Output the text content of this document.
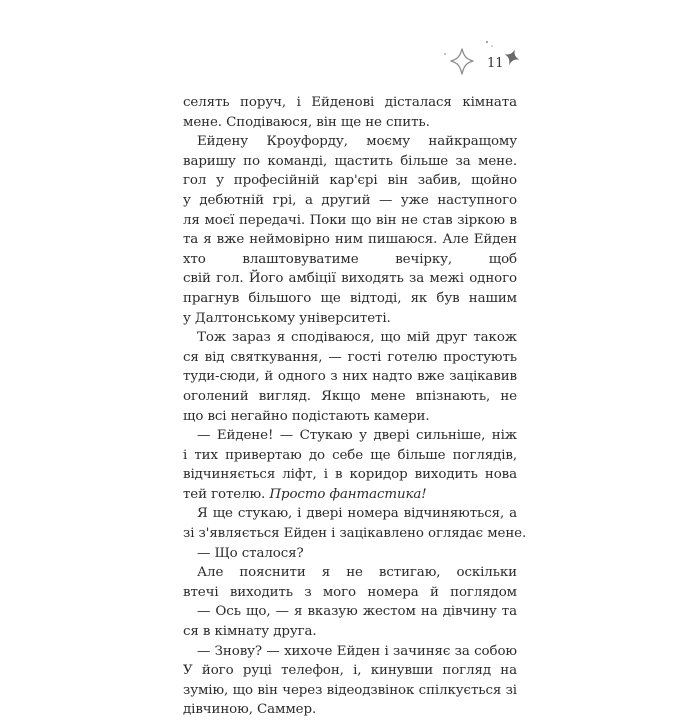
11
селять поруч, і Ейденові дісталася кімната
мене. Сподіваюся, він ще не спить.
Ейдену Кроуфорду, моєму найкращому
варишу по команді, щастить більше за мене.
гол у професійній кар'єрі він забив, щойно
у дебютній грі, а другий — уже наступного
ля моєї передачі. Поки що він не став зіркою в
та я вже неймовірно ним пишаюся. Але Ейден
хто влаштовуватиме вечірку, щоб
свій гол. Його амбіції виходять за межі одного
прагнув більшого ще відтоді, як був нашим
у Далтонському університеті.
Тож зараз я сподіваюся, що мій друг також
ся від святкування, — гості готелю простують
туди-сюди, й одного з них надто вже зацікавив
оголений вигляд. Якщо мене впізнають, не
що всі негайно подістають камери.
— Ейдене! — Стукаю у двері сильніше, ніж
і тих привертаю до себе ще більше поглядів,
відчиняється ліфт, і в коридор виходить нова
тей готелю. Просто фантастика!
Я ще стукаю, і двері номера відчиняються, а
зі з'являється Ейден і зацікавлено оглядає мене.
— Що сталося?
Але пояснити я не встигаю, оскільки
втечі виходить з мого номера й поглядом
— Ось що, — я вказую жестом на дівчину та
ся в кімнату друга.
— Знову? — хихоче Ейден і зачиняє за собою
У його руці телефон, і, кинувши погляд на
зумію, що він через відеодзвінок спілкується зі
дівчиною, Саммер.
